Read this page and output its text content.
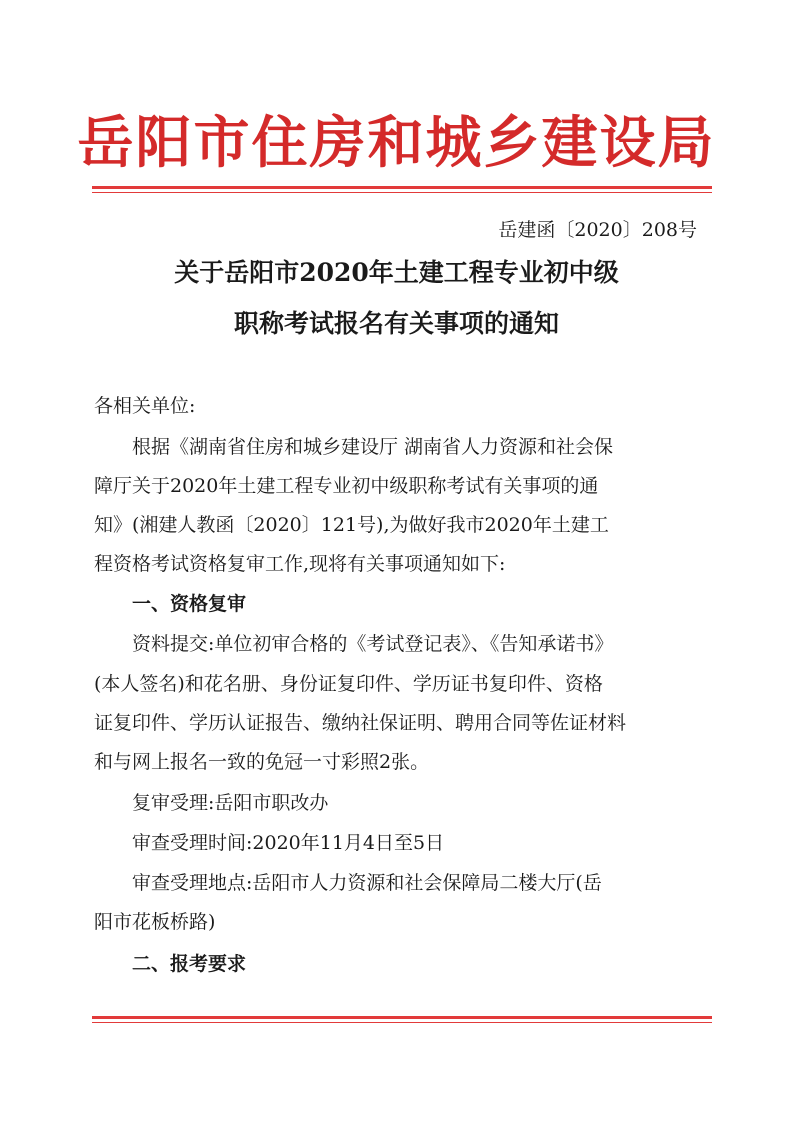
岳阳市住房和城乡建设局
岳建函〔2020〕208号
关于岳阳市2020年土建工程专业初中级
职称考试报名有关事项的通知
各相关单位:
　　根据《湖南省住房和城乡建设厅 湖南省人力资源和社会保
障厅关于2020年土建工程专业初中级职称考试有关事项的通
知》(湘建人教函〔2020〕121号),为做好我市2020年土建工
程资格考试资格复审工作,现将有关事项通知如下:
　　一、资格复审
　　资料提交:单位初审合格的《考试登记表》、《告知承诺书》
(本人签名)和花名册、身份证复印件、学历证书复印件、资格
证复印件、学历认证报告、缴纳社保证明、聘用合同等佐证材料
和与网上报名一致的免冠一寸彩照2张。
　　复审受理:岳阳市职改办
　　审查受理时间:2020年11月4日至5日
　　审查受理地点:岳阳市人力资源和社会保障局二楼大厅(岳
阳市花板桥路)
　　二、报考要求
